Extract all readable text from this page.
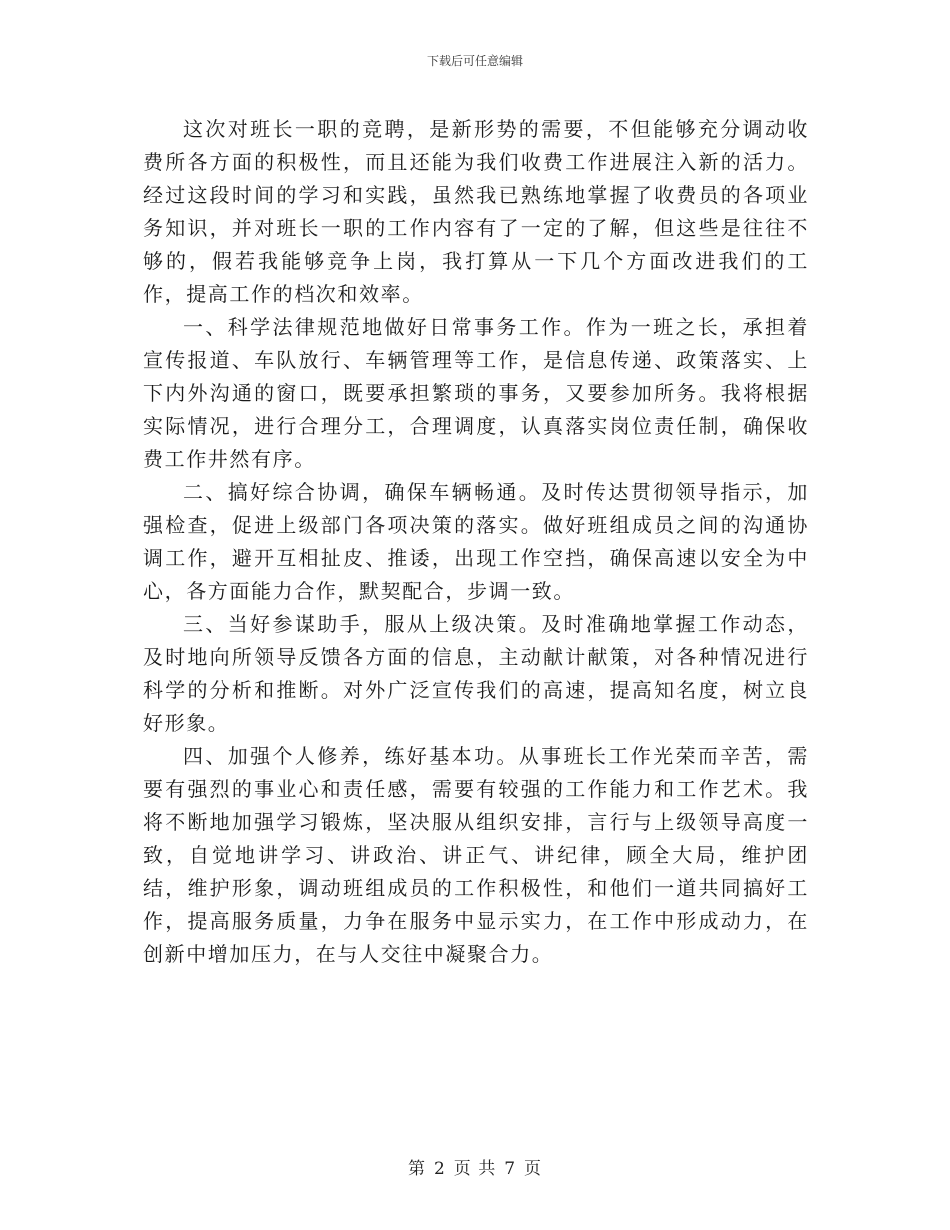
下载后可任意编辑

这次对班长一职的竞聘，是新形势的需要，不但能够充分调动收费所各方面的积极性，而且还能为我们收费工作进展注入新的活力。经过这段时间的学习和实践，虽然我已熟练地掌握了收费员的各项业务知识，并对班长一职的工作内容有了一定的了解，但这些是往往不够的，假若我能够竞争上岗，我打算从一下几个方面改进我们的工作，提高工作的档次和效率。

一、科学法律规范地做好日常事务工作。作为一班之长，承担着宣传报道、车队放行、车辆管理等工作，是信息传递、政策落实、上下内外沟通的窗口，既要承担繁琐的事务，又要参加所务。我将根据实际情况，进行合理分工，合理调度，认真落实岗位责任制，确保收费工作井然有序。

二、搞好综合协调，确保车辆畅通。及时传达贯彻领导指示，加强检查，促进上级部门各项决策的落实。做好班组成员之间的沟通协调工作，避开互相扯皮、推诿，出现工作空挡，确保高速以安全为中心，各方面能力合作，默契配合，步调一致。

三、当好参谋助手，服从上级决策。及时准确地掌握工作动态，及时地向所领导反馈各方面的信息，主动献计献策，对各种情况进行科学的分析和推断。对外广泛宣传我们的高速，提高知名度，树立良好形象。

四、加强个人修养，练好基本功。从事班长工作光荣而辛苦，需要有强烈的事业心和责任感，需要有较强的工作能力和工作艺术。我将不断地加强学习锻炼，坚决服从组织安排，言行与上级领导高度一致，自觉地讲学习、讲政治、讲正气、讲纪律，顾全大局，维护团结，维护形象，调动班组成员的工作积极性，和他们一道共同搞好工作，提高服务质量，力争在服务中显示实力，在工作中形成动力，在创新中增加压力，在与人交往中凝聚合力。

第 2 页 共 7 页
